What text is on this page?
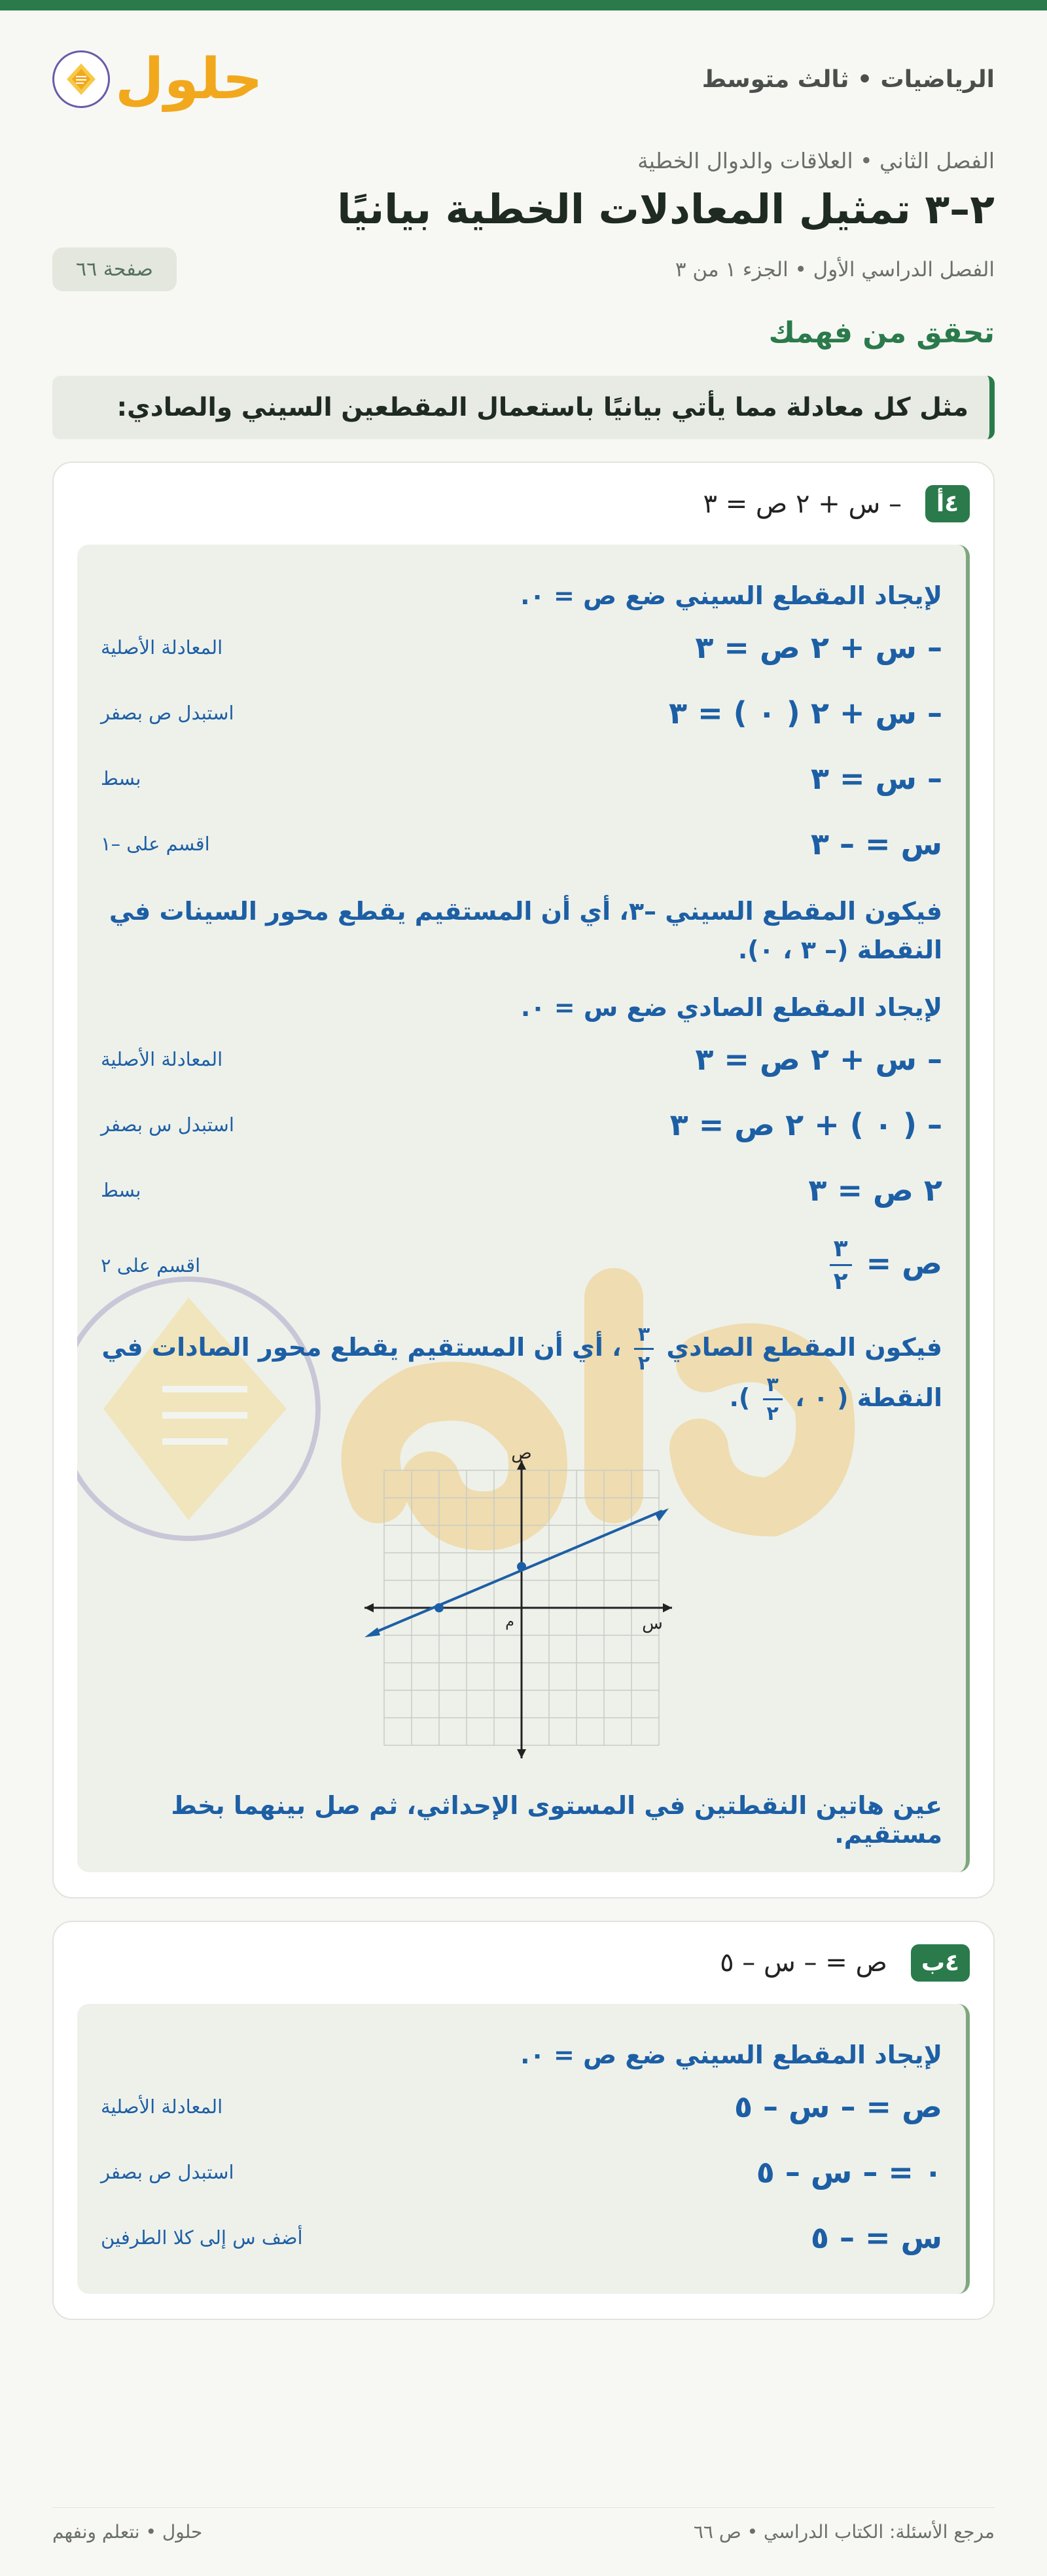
الرياضيات • ثالث متوسط
حلول
الفصل الثاني • العلاقات والدوال الخطية
٢–٣ تمثيل المعادلات الخطية بيانيًا
الفصل الدراسي الأول • الجزء ١ من ٣
صفحة ٦٦
تحقق من فهمك
مثل كل معادلة مما يأتي بيانيًا باستعمال المقطعين السيني والصادي:
٤أ
– س + ٢ ص = ٣
لإيجاد المقطع السيني ضع ص = ٠.
– س + ٢ ص = ٣
المعادلة الأصلية
– س + ٢ ( ٠ ) = ٣
استبدل ص بصفر
– س = ٣
بسط
س = – ٣
اقسم على –١
فيكون المقطع السيني –٣، أي أن المستقيم يقطع محور السينات في النقطة (– ٣ ، ٠).
لإيجاد المقطع الصادي ضع س = ٠.
– س + ٢ ص = ٣
المعادلة الأصلية
– ( ٠ ) + ٢ ص = ٣
استبدل س بصفر
٢ ص = ٣
بسط
ص =
$\frac{٣}{٢}$
اقسم على ٢
فيكون المقطع الصادي
$\frac{٣}{٢}$
، أي أن المستقيم يقطع محور الصادات في
النقطة ( ٠ ،
$\frac{٣}{٢}$
).
ص
س
م
عين هاتين النقطتين في المستوى الإحداثي، ثم صل بينهما بخط مستقيم.
٤ب
ص = – س – ٥
لإيجاد المقطع السيني ضع ص = ٠.
ص = – س – ٥
المعادلة الأصلية
٠ = – س – ٥
استبدل ص بصفر
س = – ٥
أضف س إلى كلا الطرفين
مرجع الأسئلة: الكتاب الدراسي • ص ٦٦
حلول • نتعلم ونفهم
